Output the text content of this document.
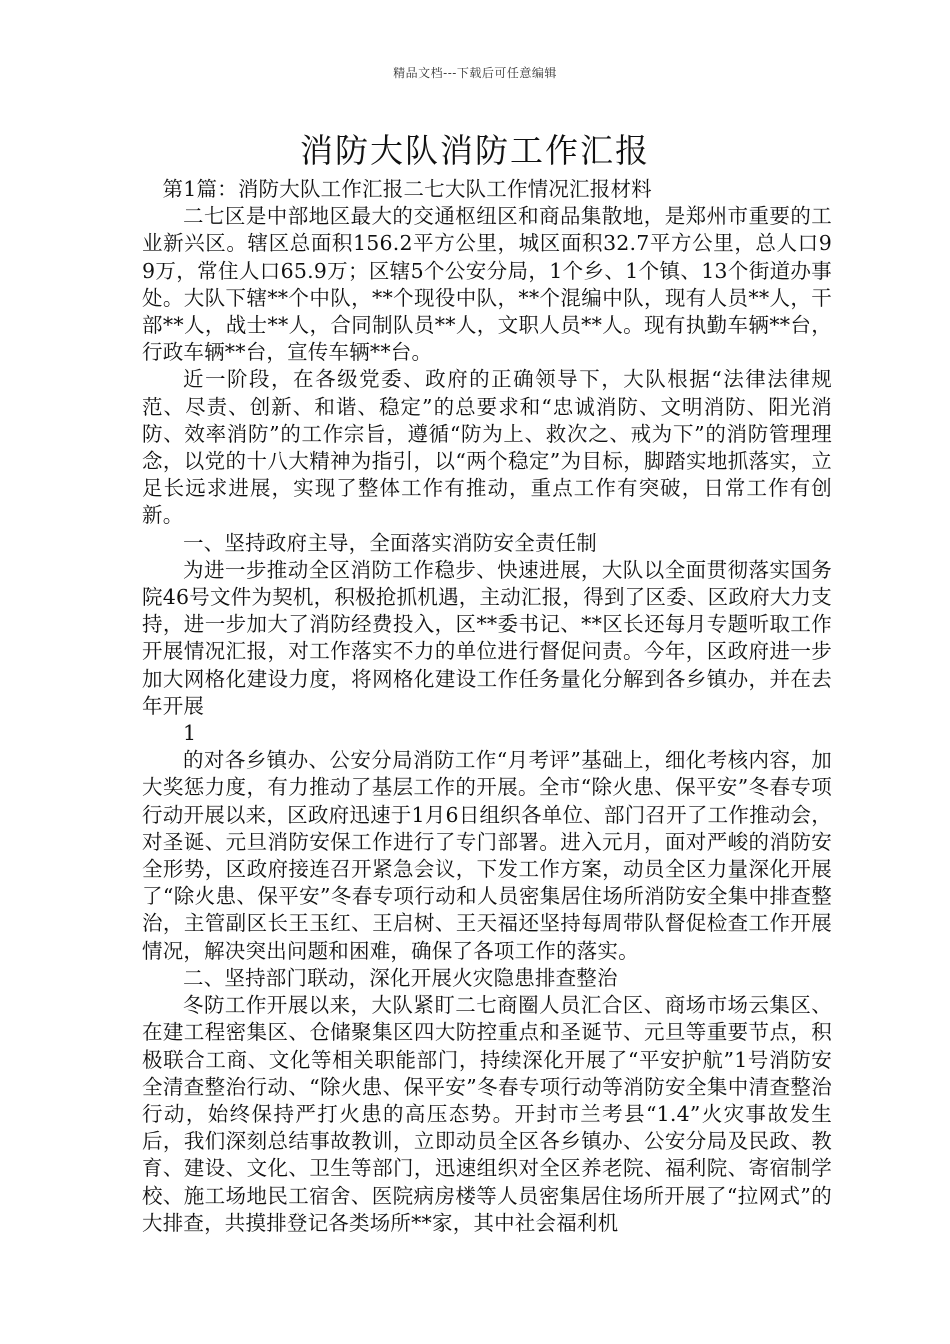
精品文档---下载后可任意编辑
消防大队消防工作汇报

第1篇：消防大队工作汇报二七大队工作情况汇报材料

二七区是中部地区最大的交通枢纽区和商品集散地，是郑州市重要的工业新兴区。辖区总面积156.2平方公里，城区面积32.7平方公里，总人口99万，常住人口65.9万；区辖5个公安分局，1个乡、1个镇、13个街道办事处。大队下辖**个中队，**个现役中队，**个混编中队，现有人员**人，干部**人，战士**人，合同制队员**人，文职人员**人。现有执勤车辆**台，行政车辆**台，宣传车辆**台。

近一阶段，在各级党委、政府的正确领导下，大队根据“法律法律规范、尽责、创新、和谐、稳定”的总要求和“忠诚消防、文明消防、阳光消防、效率消防”的工作宗旨，遵循“防为上、救次之、戒为下”的消防管理理念，以党的十八大精神为指引，以“两个稳定”为目标，脚踏实地抓落实，立足长远求进展，实现了整体工作有推动，重点工作有突破，日常工作有创新。

一、坚持政府主导，全面落实消防安全责任制

为进一步推动全区消防工作稳步、快速进展，大队以全面贯彻落实国务院46号文件为契机，积极抢抓机遇，主动汇报，得到了区委、区政府大力支持，进一步加大了消防经费投入，区**委书记、**区长还每月专题听取工作开展情况汇报，对工作落实不力的单位进行督促问责。今年，区政府进一步加大网格化建设力度，将网格化建设工作任务量化分解到各乡镇办，并在去年开展

1

的对各乡镇办、公安分局消防工作“月考评”基础上，细化考核内容，加大奖惩力度，有力推动了基层工作的开展。全市“除火患、保平安”冬春专项行动开展以来，区政府迅速于1月6日组织各单位、部门召开了工作推动会，对圣诞、元旦消防安保工作进行了专门部署。进入元月，面对严峻的消防安全形势，区政府接连召开紧急会议，下发工作方案，动员全区力量深化开展了“除火患、保平安”冬春专项行动和人员密集居住场所消防安全集中排查整治，主管副区长王玉红、王启树、王天福还坚持每周带队督促检查工作开展情况，解决突出问题和困难，确保了各项工作的落实。

二、坚持部门联动，深化开展火灾隐患排查整治

冬防工作开展以来，大队紧盯二七商圈人员汇合区、商场市场云集区、在建工程密集区、仓储聚集区四大防控重点和圣诞节、元旦等重要节点，积极联合工商、文化等相关职能部门，持续深化开展了“平安护航”1号消防安全清查整治行动、“除火患、保平安”冬春专项行动等消防安全集中清查整治行动，始终保持严打火患的高压态势。开封市兰考县“1.4”火灾事故发生后，我们深刻总结事故教训，立即动员全区各乡镇办、公安分局及民政、教育、建设、文化、卫生等部门，迅速组织对全区养老院、福利院、寄宿制学校、施工场地民工宿舍、医院病房楼等人员密集居住场所开展了“拉网式”的大排查，共摸排登记各类场所**家，其中社会福利机
